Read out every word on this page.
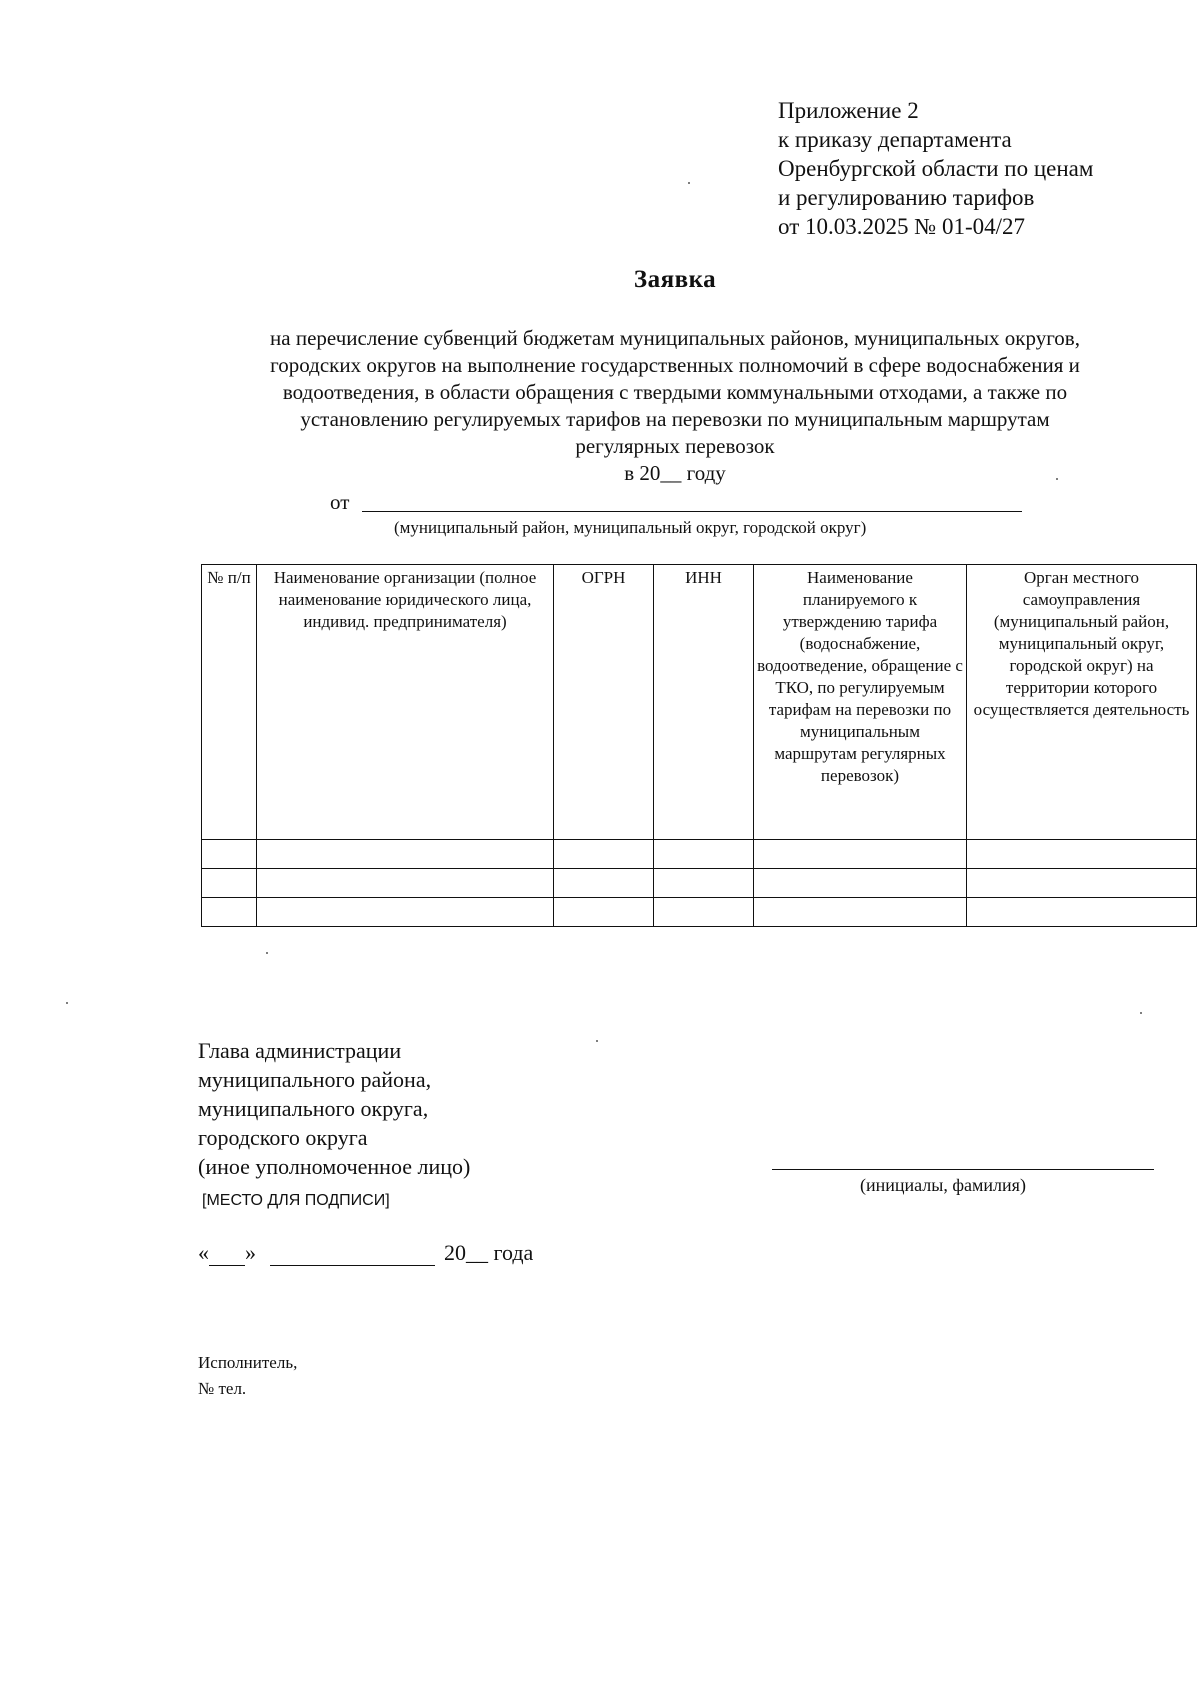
Приложение 2
к приказу департамента
Оренбургской области по ценам
и регулированию тарифов
от 10.03.2025 № 01-04/27
Заявка
на перечисление субвенций бюджетам муниципальных районов, муниципальных округов,
городских округов на выполнение государственных полномочий в сфере водоснабжения и
водоотведения, в области обращения с твердыми коммунальными отходами, а также по
установлению регулируемых тарифов на перевозки по муниципальным маршрутам
регулярных перевозок
в 20__ году
от
(муниципальный район, муниципальный округ, городской округ)
№ п/п	Наименование организации (полное наименование юридического лица, индивид. предпринимателя)	ОГРН	ИНН	Наименование планируемого к утверждению тарифа (водоснабжение, водоотведение, обращение с ТКО, по регулируемым тарифам на перевозки по муниципальным маршрутам регулярных перевозок)	Орган местного самоуправления (муниципальный район, муниципальный округ, городской округ) на территории которого осуществляется деятельность

Глава администрации
муниципального района,
муниципального округа,
городского округа
(иное уполномоченное лицо)
(инициалы, фамилия)
[МЕСТО ДЛЯ ПОДПИСИ]
« »	20__ года
Исполнитель,
№ тел.
